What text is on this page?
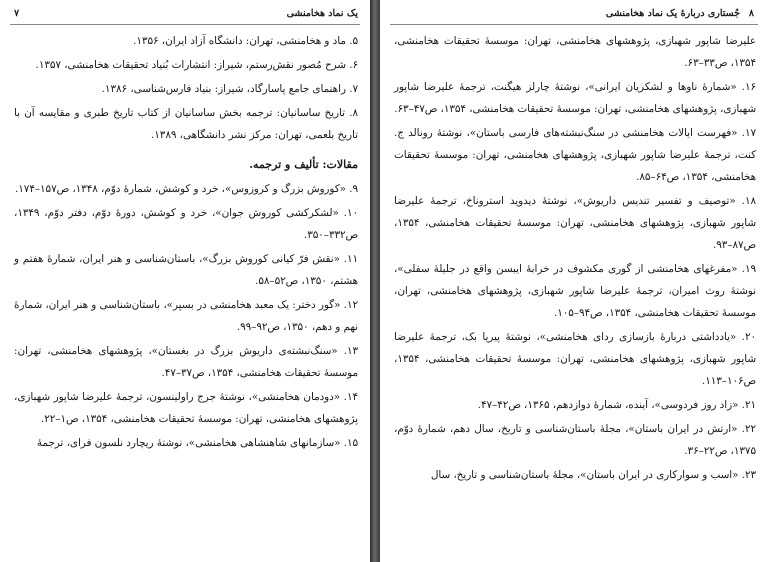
۷	یک نماد هخامنشی

۵. ماد و هخامنشی، تهران: دانشگاه آزاد ایران، ۱۳۵۶.

۶. شرح مُصور نقش‌رستم، شیراز: انتشارات بُنیاد تحقیقات هخامنشی، ۱۳۵۷.

۷. راهنمای جامع پاسارگاد، شیراز: بنیاد فارس‌شناسی، ۱۳۸۶.

۸. تاریخ ساسانیان: ترجمه بخش ساسانیان از کتاب تاریخ طبری و مقایسه آن با تاریخ بلعمی، تهران: مرکز نشر دانشگاهی، ۱۳۸۹.

مقالات: تألیف و ترجمه.

۹. «کوروش بزرگ و کروزوس»، خرد و کوشش، شمارهٔ دوّم، ۱۳۴۸، ص۱۵۷–۱۷۴.

۱۰. «لشکرکشی کوروش جوان»، خرد و کوشش، دورهٔ دوّم، دفتر دوّم، ۱۳۴۹، ص۳۳۲–۳۵۰.

۱۱. «نقش فرّ کیانی کوروش بزرگ»، باستان‌شناسی و هنر ایران، شمارهٔ هفتم و هشتم، ۱۳۵۰، ص۵۲–۵۸.

۱۲. «گور دختر: یک معبد هخامنشی در بسپر»، باستان‌شناسی و هنر ایران، شمارهٔ نهم و دهم، ۱۳۵۰، ص۹۲–۹۹.

۱۳. «سنگ‌نبشته‌ی داریوش بزرگ در بغستان»، پژوهشهای هخامنشی، تهران: موسسهٔ تحقیقات هخامنشی، ۱۳۵۴، ص۳۷–۴۷.

۱۴. «دودمان هخامنشی»، نوشتهٔ جرج راولینسون، ترجمهٔ علیرضا شاپور شهبازی، پژوهشهای هخامنشی، تهران: موسسهٔ تحقیقات هخامنشی، ۱۳۵۴، ص۱–۲۲.

۱۵. «سازمانهای شاهنشاهی هخامنشی»، نوشتهٔ ریچارد نلسون فرای، ترجمهٔ

۸
جُستاری دربارهٔ یک نماد هخامنشی

علیرضا شاپور شهبازی، پژوهشهای هخامنشی، تهران: موسسهٔ تحقیقات هخامنشی، ۱۳۵۴، ص۳۳–۶۳.

۱۶. «شمارهٔ ناوها و لشکریان ایرانی»، نوشتهٔ چارلز هیگنت، ترجمهٔ علیرضا شاپور شهبازی، پژوهشهای هخامنشی، تهران: موسسهٔ تحقیقات هخامنشی، ۱۳۵۴، ص۴۷–۶۳.

۱۷. «فهرست ایالات هخامنشی در سنگ‌نبشته‌های فارسی باستان»، نوشتهٔ رونالد ج. کنت، ترجمهٔ علیرضا شاپور شهبازی، پژوهشهای هخامنشی، تهران: موسسهٔ تحقیقات هخامنشی، ۱۳۵۴، ص۶۴–۸۵.

۱۸. «توصیف و تفسیر تندیس داریوش»، نوشتهٔ دیدوید استروناخ، ترجمهٔ علیرضا شاپور شهبازی، پژوهشهای هخامنشی، تهران: موسسهٔ تحقیقات هخامنشی، ۱۳۵۴، ص۸۷–۹۳.

۱۹. «مفرغهای هخامنشی از گوری مکشوف در خرابهٔ ایبسن واقع در جلیلهٔ سفلی»، نوشتهٔ روث امیران، ترجمهٔ علیرضا شاپور شهبازی، پژوهشهای هخامنشی، تهران، موسسهٔ تحقیقات هخامنشی، ۱۳۵۴، ص۹۴–۱۰۵.

۲۰. «یادداشتی دربارهٔ بازسازی ردای هخامنشی»، نوشتهٔ پیرپا بک، ترجمهٔ علیرضا شاپور شهبازی، پژوهشهای هخامنشی، تهران: موسسهٔ تحقیقات هخامنشی، ۱۳۵۴، ص۱۰۶–۱۱۳.

۲۱. «زاد روز فردوسی»، آینده، شمارهٔ دوازدهم، ۱۳۶۵، ص۴۲–۴۷.

۲۲. «ارتش در ایران باستان»، مجلهٔ باستان‌شناسی و تاریخ، سال دهم، شمارهٔ دوّم، ۱۳۷۵، ص۲۲–۳۶.

۲۳. «اسب و سوارکاری در ایران باستان»، مجلهٔ باستان‌شناسی و تاریخ، سال
